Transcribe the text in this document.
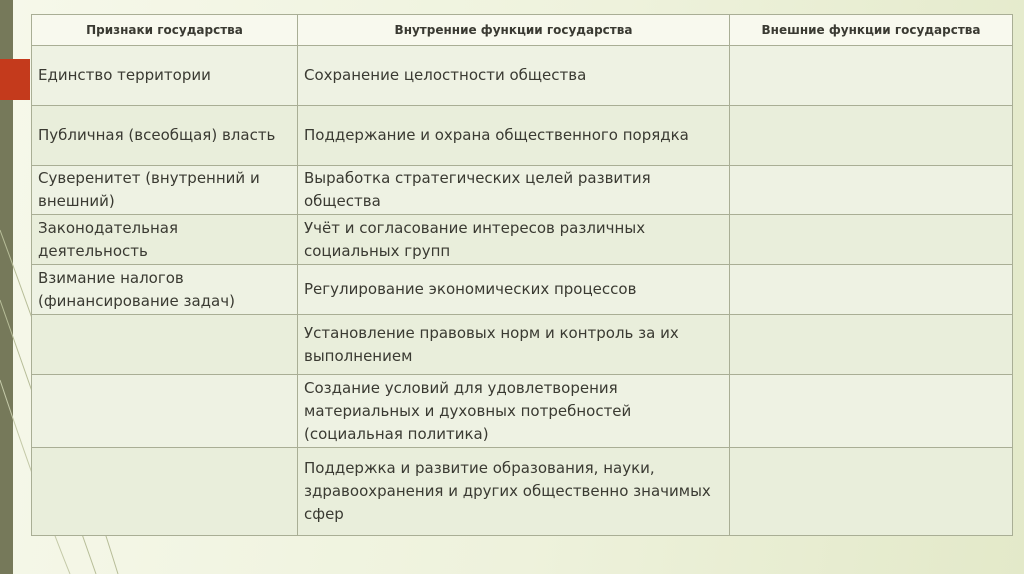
Признаки государства	Внутренние функции государства	Внешние функции государства
Единство территории	Сохранение целостности общества	
Публичная (всеобщая) власть	Поддержание и охрана общественного порядка	
Суверенитет (внутренний и внешний)	Выработка стратегических целей развития общества	
Законодательная деятельность	Учёт и согласование интересов различных социальных групп	
Взимание налогов (финансирование задач)	Регулирование экономических процессов	
	Установление правовых норм и контроль за их выполнением	
	Создание условий для удовлетворения материальных и духовных потребностей (социальная политика)	
	Поддержка и развитие образования, науки, здравоохранения и других общественно значимых сфер	
